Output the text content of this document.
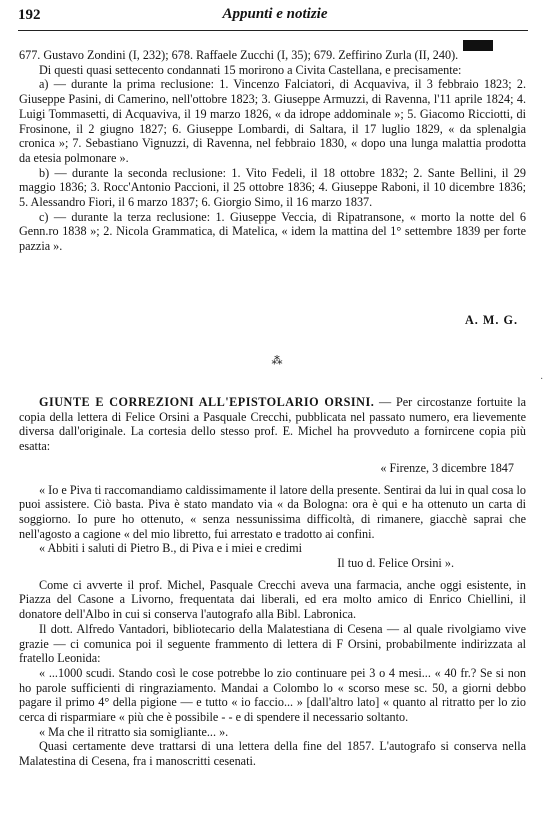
192	Appunti e notizie

677. Gustavo Zondini (I, 232); 678. Raffaele Zucchi (I, 35); 679. Zeffirino Zurla (II, 240).

Di questi quasi settecento condannati 15 morirono a Civita Castellana, e precisamente:

a) — durante la prima reclusione: 1. Vincenzo Falciatori, di Acquaviva, il 3 febbraio 1823; 2. Giuseppe Pasini, di Camerino, nell'ottobre 1823; 3. Giuseppe Armuzzi, di Ravenna, l'11 aprile 1824; 4. Luigi Tommasetti, di Acquaviva, il 19 marzo 1826, « da idrope addominale »; 5. Giacomo Ricciotti, di Frosinone, il 2 giugno 1827; 6. Giuseppe Lombardi, di Saltara, il 17 luglio 1829, « da splenalgia cronica »; 7. Sebastiano Vignuzzi, di Ravenna, nel febbraio 1830, « dopo una lunga malattia prodotta da etesia polmonare ».

b) — durante la seconda reclusione: 1. Vito Fedeli, il 18 ottobre 1832; 2. Sante Bellini, il 29 maggio 1836; 3. Rocc'Antonio Paccioni, il 25 ottobre 1836; 4. Giuseppe Raboni, il 10 dicembre 1836; 5. Alessandro Fiori, il 6 marzo 1837; 6. Giorgio Simo, il 16 marzo 1837.

c) — durante la terza reclusione: 1. Giuseppe Veccia, di Ripatransone, « morto la notte del 6 Genn.ro 1838 »; 2. Nicola Grammatica, di Matelica, « idem la mattina del 1° settembre 1839 per forte pazzia ».

A. M. G.
⁂
·

GIUNTE E CORREZIONI ALL'EPISTOLARIO ORSINI. — Per circostanze fortuite la copia della lettera di Felice Orsini a Pasquale Crecchi, pubblicata nel passato numero, era lievemente diversa dall'originale. La cortesia dello stesso prof. E. Michel ha provveduto a fornircene copia più esatta:

« Firenze, 3 dicembre 1847

« Io e Piva ti raccomandiamo caldissimamente il latore della presente. Sentirai da lui in qual cosa lo puoi assistere. Ciò basta. Piva è stato mandato via « da Bologna: ora è qui e ha ottenuto un carta di soggiorno. Io pure ho ottenuto, « senza nessunissima difficoltà, di rimanere, giacchè saprai che nell'agosto a cagione « del mio libretto, fui arrestato e tradotto ai confini.

« Abbiti i saluti di Pietro B., di Piva e i miei e credimi

Il tuo d. Felice Orsini ».

Come ci avverte il prof. Michel, Pasquale Crecchi aveva una farmacia, anche oggi esistente, in Piazza del Casone a Livorno, frequentata dai liberali, ed era molto amico di Enrico Chiellini, il donatore dell'Albo in cui si conserva l'autografo alla Bibl. Labronica.

Il dott. Alfredo Vantadori, bibliotecario della Malatestiana di Cesena — al quale rivolgiamo vive grazie — ci comunica poi il seguente frammento di lettera di F Orsini, probabilmente indirizzata al fratello Leonida:

« ...1000 scudi. Stando così le cose potrebbe lo zio continuare pei 3 o 4 mesi... « 40 fr.? Se si non ho parole sufficienti di ringraziamento. Mandai a Colombo lo « scorso mese sc. 50, a giorni debbo pagare il primo 4° della pigione — e tutto « io faccio... » [dall'altro lato] « quanto al ritratto per lo zio cerca di risparmiare « più che è possibile - - e di spendere il necessario soltanto.

« Ma che il ritratto sia somigliante... ».

Quasi certamente deve trattarsi di una lettera della fine del 1857. L'autografo si conserva nella Malatestina di Cesena, fra i manoscritti cesenati.
